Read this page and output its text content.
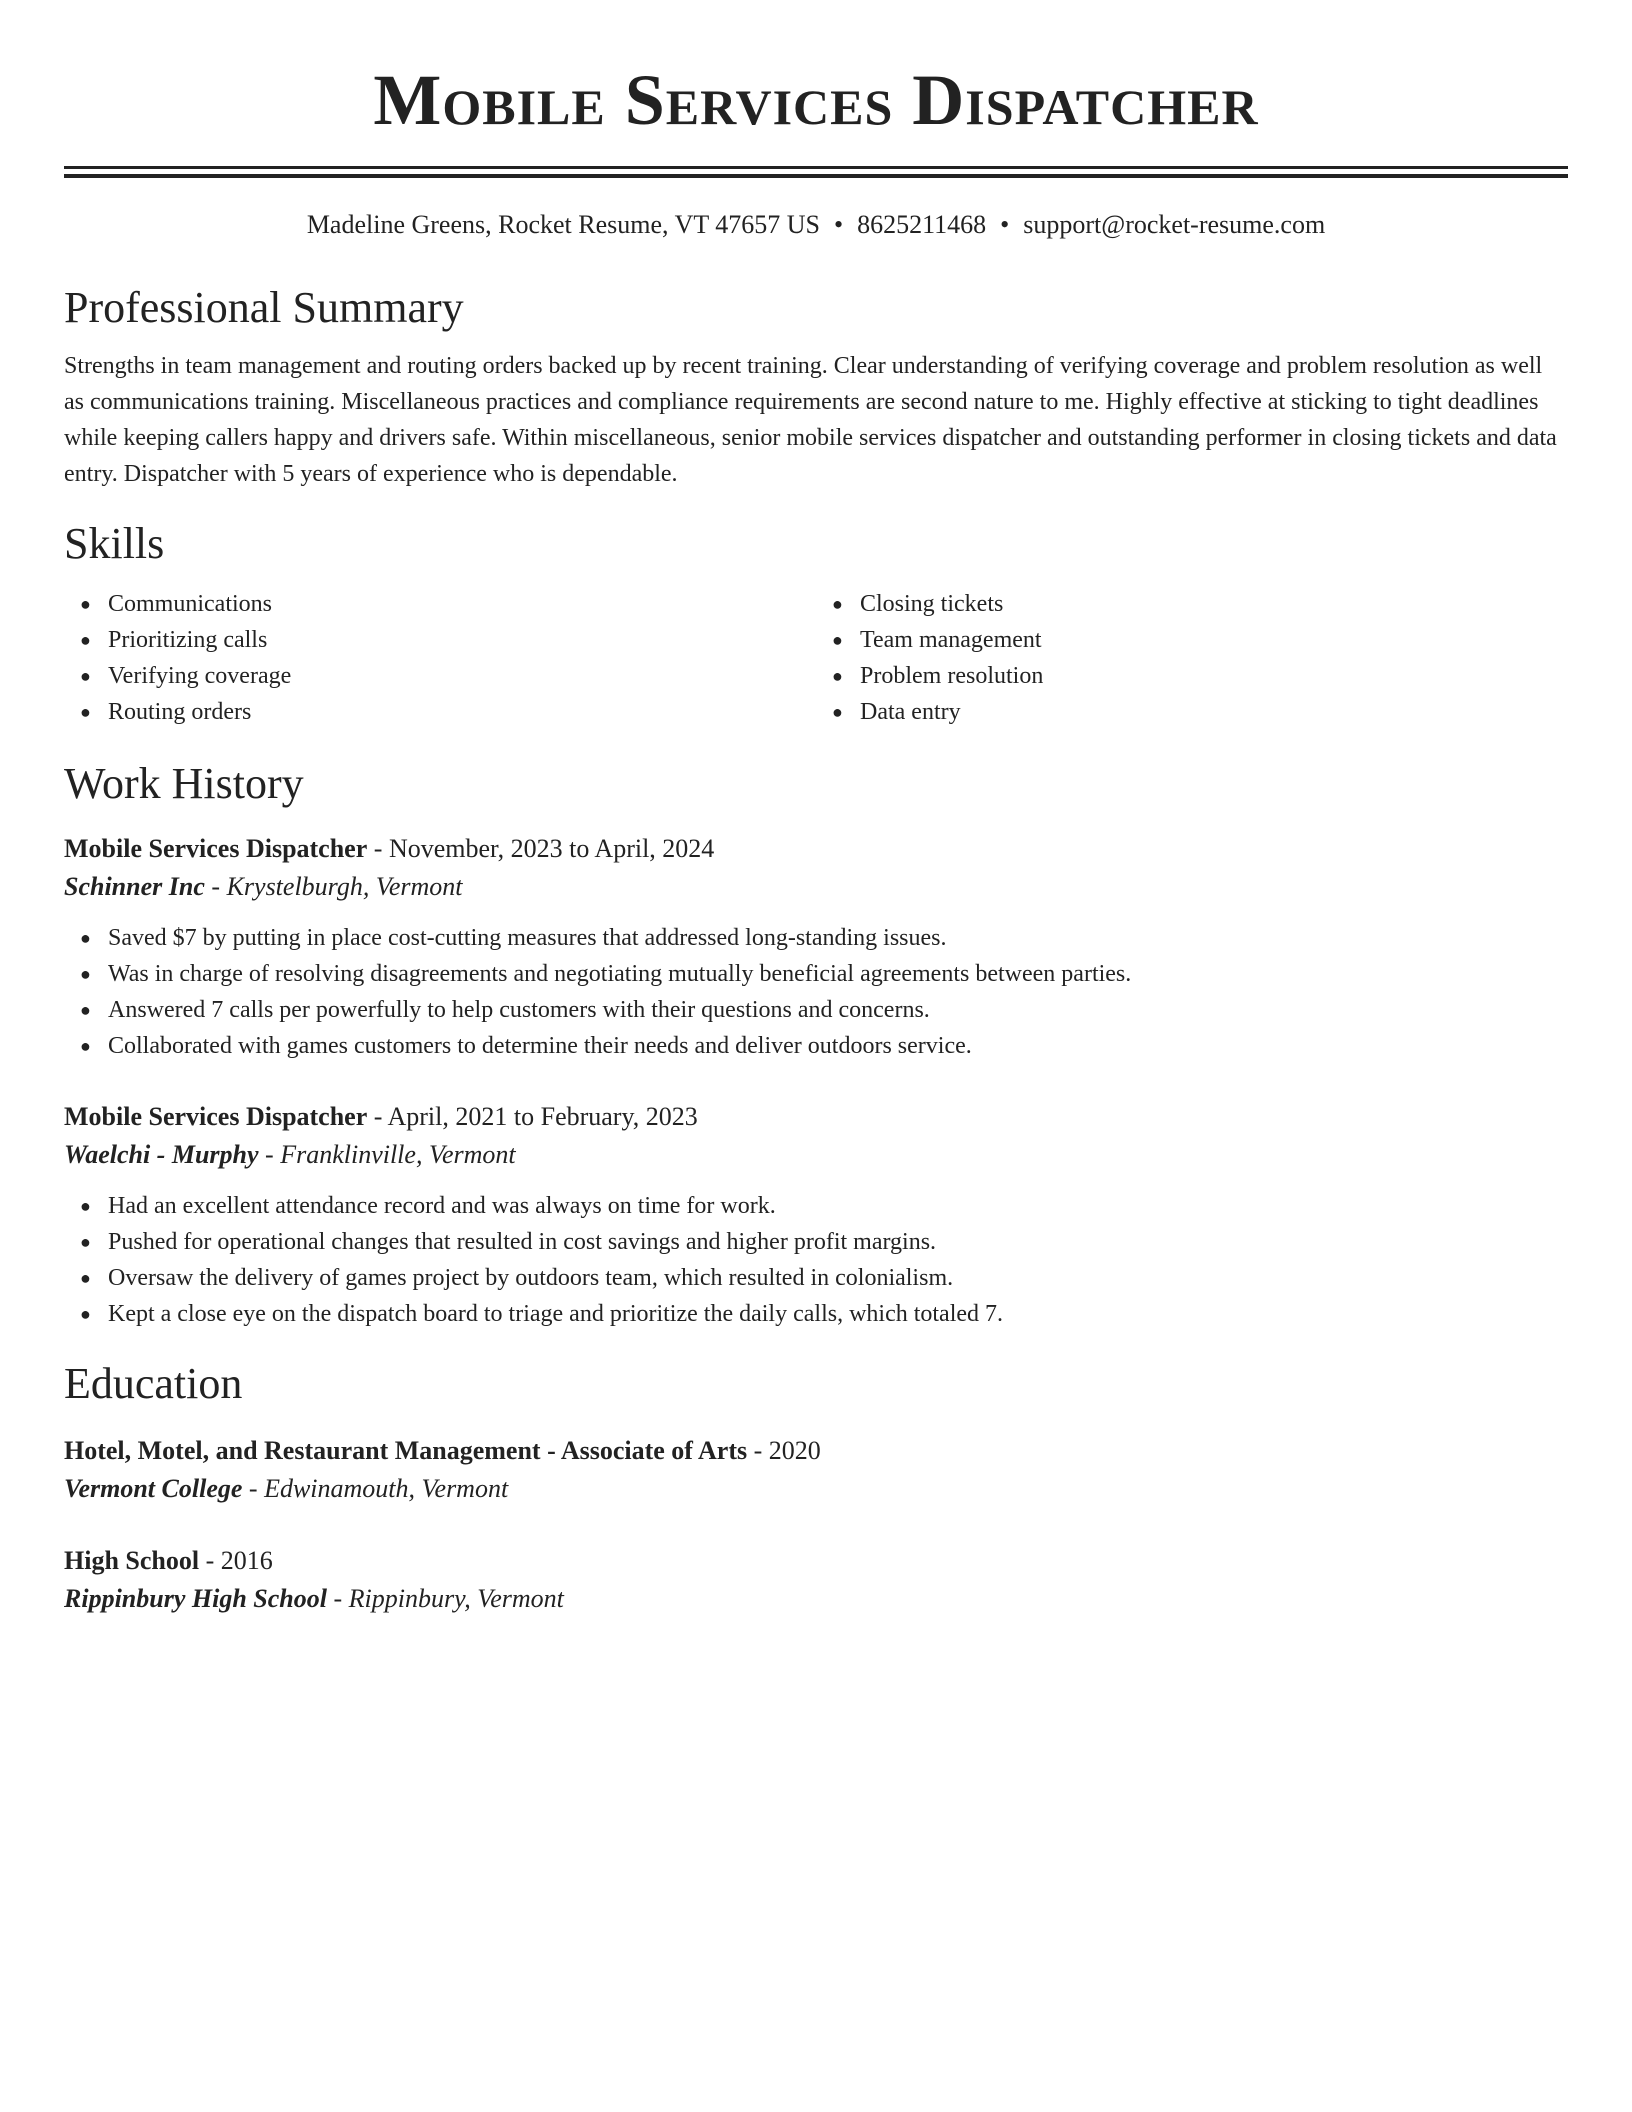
Mobile Services Dispatcher
Madeline Greens, Rocket Resume, VT 47657 US • 8625211468 • support@rocket-resume.com
Professional Summary

Strengths in team management and routing orders backed up by recent training. Clear understanding of verifying coverage and problem resolution as well as communications training. Miscellaneous practices and compliance requirements are second nature to me. Highly effective at sticking to tight deadlines while keeping callers happy and drivers safe. Within miscellaneous, senior mobile services dispatcher and outstanding performer in closing tickets and data entry. Dispatcher with 5 years of experience who is dependable.

Skills
● Communications
● Prioritizing calls
● Verifying coverage
● Routing orders
● Closing tickets
● Team management
● Problem resolution
● Data entry
Work History
Mobile Services Dispatcher - November, 2023 to April, 2024
Schinner Inc - Krystelburgh, Vermont
● Saved $7 by putting in place cost-cutting measures that addressed long-standing issues.
● Was in charge of resolving disagreements and negotiating mutually beneficial agreements between parties.
● Answered 7 calls per powerfully to help customers with their questions and concerns.
● Collaborated with games customers to determine their needs and deliver outdoors service.
Mobile Services Dispatcher - April, 2021 to February, 2023
Waelchi - Murphy - Franklinville, Vermont
● Had an excellent attendance record and was always on time for work.
● Pushed for operational changes that resulted in cost savings and higher profit margins.
● Oversaw the delivery of games project by outdoors team, which resulted in colonialism.
● Kept a close eye on the dispatch board to triage and prioritize the daily calls, which totaled 7.
Education
Hotel, Motel, and Restaurant Management - Associate of Arts - 2020
Vermont College - Edwinamouth, Vermont
High School - 2016
Rippinbury High School - Rippinbury, Vermont
